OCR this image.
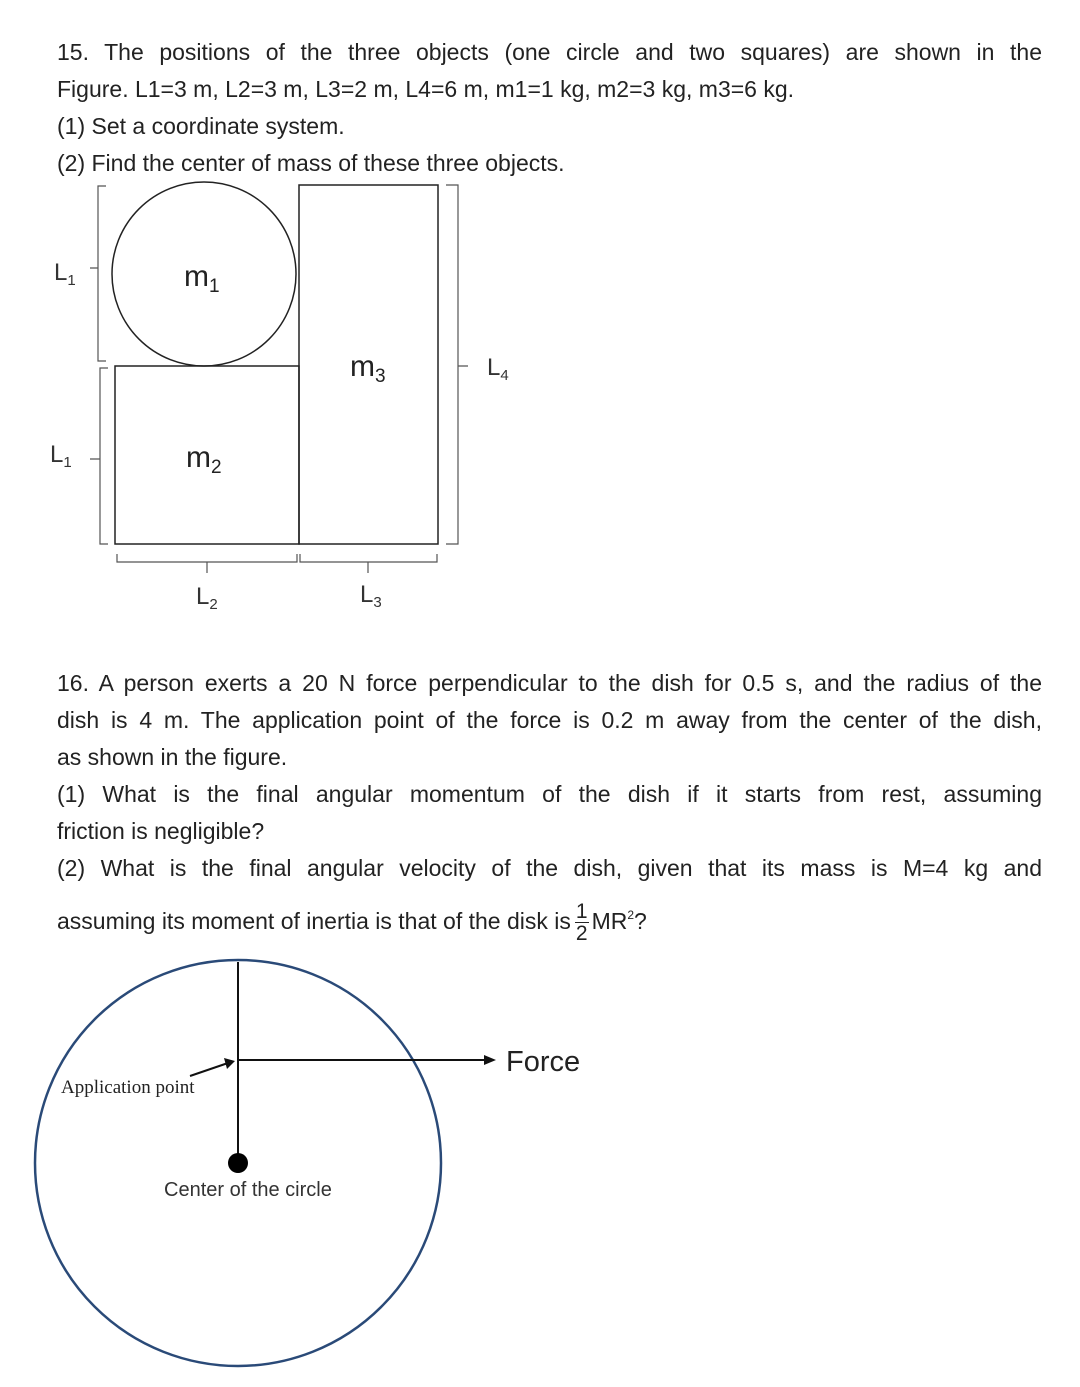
15. The positions of the three objects (one circle and two squares) are shown in the

Figure. L1=3 m, L2=3 m, L3=2 m, L4=6 m, m1=1 kg, m2=3 kg, m3=6 kg.

(1) Set a coordinate system.

(2) Find the center of mass of these three objects.

$L_1$
$L_1$
$L_2$	$L_3$
$L_4$
$m_1$
$m_2$
$m_3$

16. A person exerts a 20 N force perpendicular to the dish for 0.5 s, and the radius of the

dish is 4 m. The application point of the force is 0.2 m away from the center of the dish,

as shown in the figure.

(1) What is the final angular momentum of the dish if it starts from rest, assuming

friction is negligible?

(2) What is the final angular velocity of the dish, given that its mass is M=4 kg and

assuming its moment of inertia is that of the disk is $\frac{1}{2} MR^2$?
Force
Application point
Center of the circle
